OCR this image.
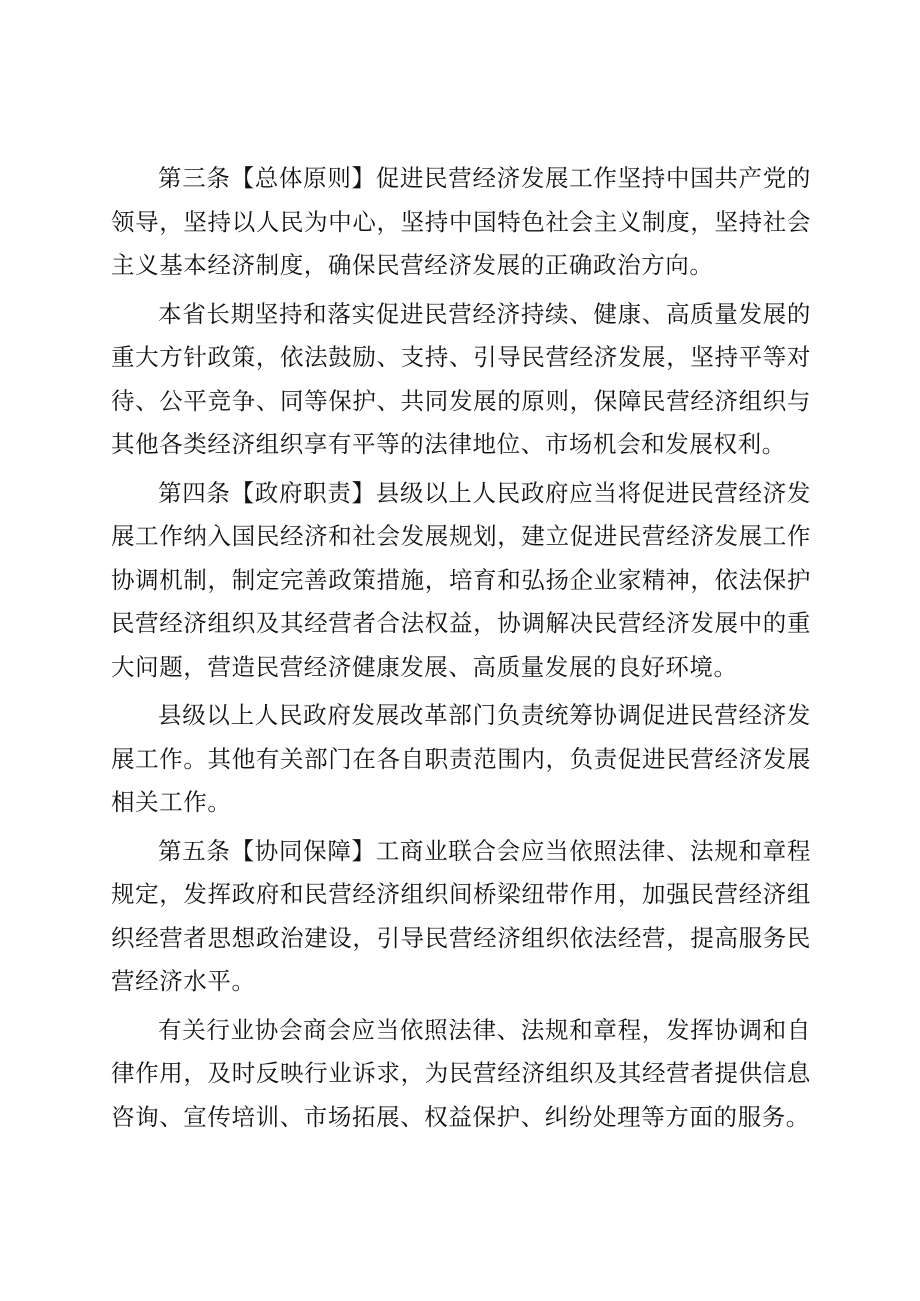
第三条【总体原则】促进民营经济发展工作坚持中国共产党的领导，坚持以人民为中心，坚持中国特色社会主义制度，坚持社会主义基本经济制度，确保民营经济发展的正确政治方向。

本省长期坚持和落实促进民营经济持续、健康、高质量发展的重大方针政策，依法鼓励、支持、引导民营经济发展，坚持平等对待、公平竞争、同等保护、共同发展的原则，保障民营经济组织与其他各类经济组织享有平等的法律地位、市场机会和发展权利。

第四条【政府职责】县级以上人民政府应当将促进民营经济发展工作纳入国民经济和社会发展规划，建立促进民营经济发展工作协调机制，制定完善政策措施，培育和弘扬企业家精神，依法保护民营经济组织及其经营者合法权益，协调解决民营经济发展中的重大问题，营造民营经济健康发展、高质量发展的良好环境。

县级以上人民政府发展改革部门负责统筹协调促进民营经济发展工作。其他有关部门在各自职责范围内，负责促进民营经济发展相关工作。

第五条【协同保障】工商业联合会应当依照法律、法规和章程规定，发挥政府和民营经济组织间桥梁纽带作用，加强民营经济组织经营者思想政治建设，引导民营经济组织依法经营，提高服务民营经济水平。

有关行业协会商会应当依照法律、法规和章程，发挥协调和自律作用，及时反映行业诉求，为民营经济组织及其经营者提供信息咨询、宣传培训、市场拓展、权益保护、纠纷处理等方面的服务。
